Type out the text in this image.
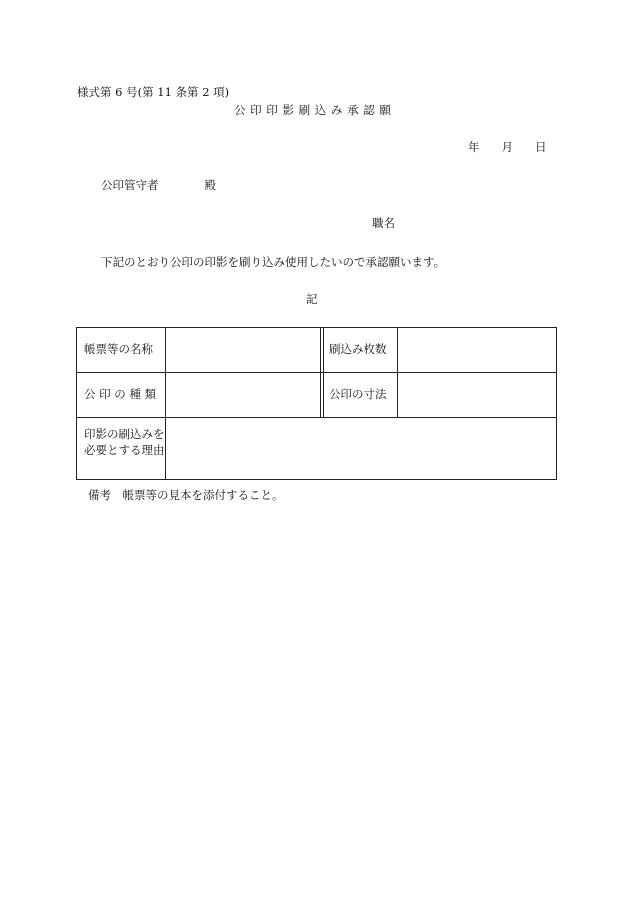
様式第 6 号(第 11 条第 2 項)
公 印 印 影 刷 込 み 承 認 願
年 月 日
公印管守者	殿
職名
下記のとおり公印の印影を刷り込み使用したいので承認願います。
記
帳票等の名称	刷込み枚数
公 印 の 種 類	公印の寸法
印影の刷込みを必要とする理由
備考　帳票等の見本を添付すること。
